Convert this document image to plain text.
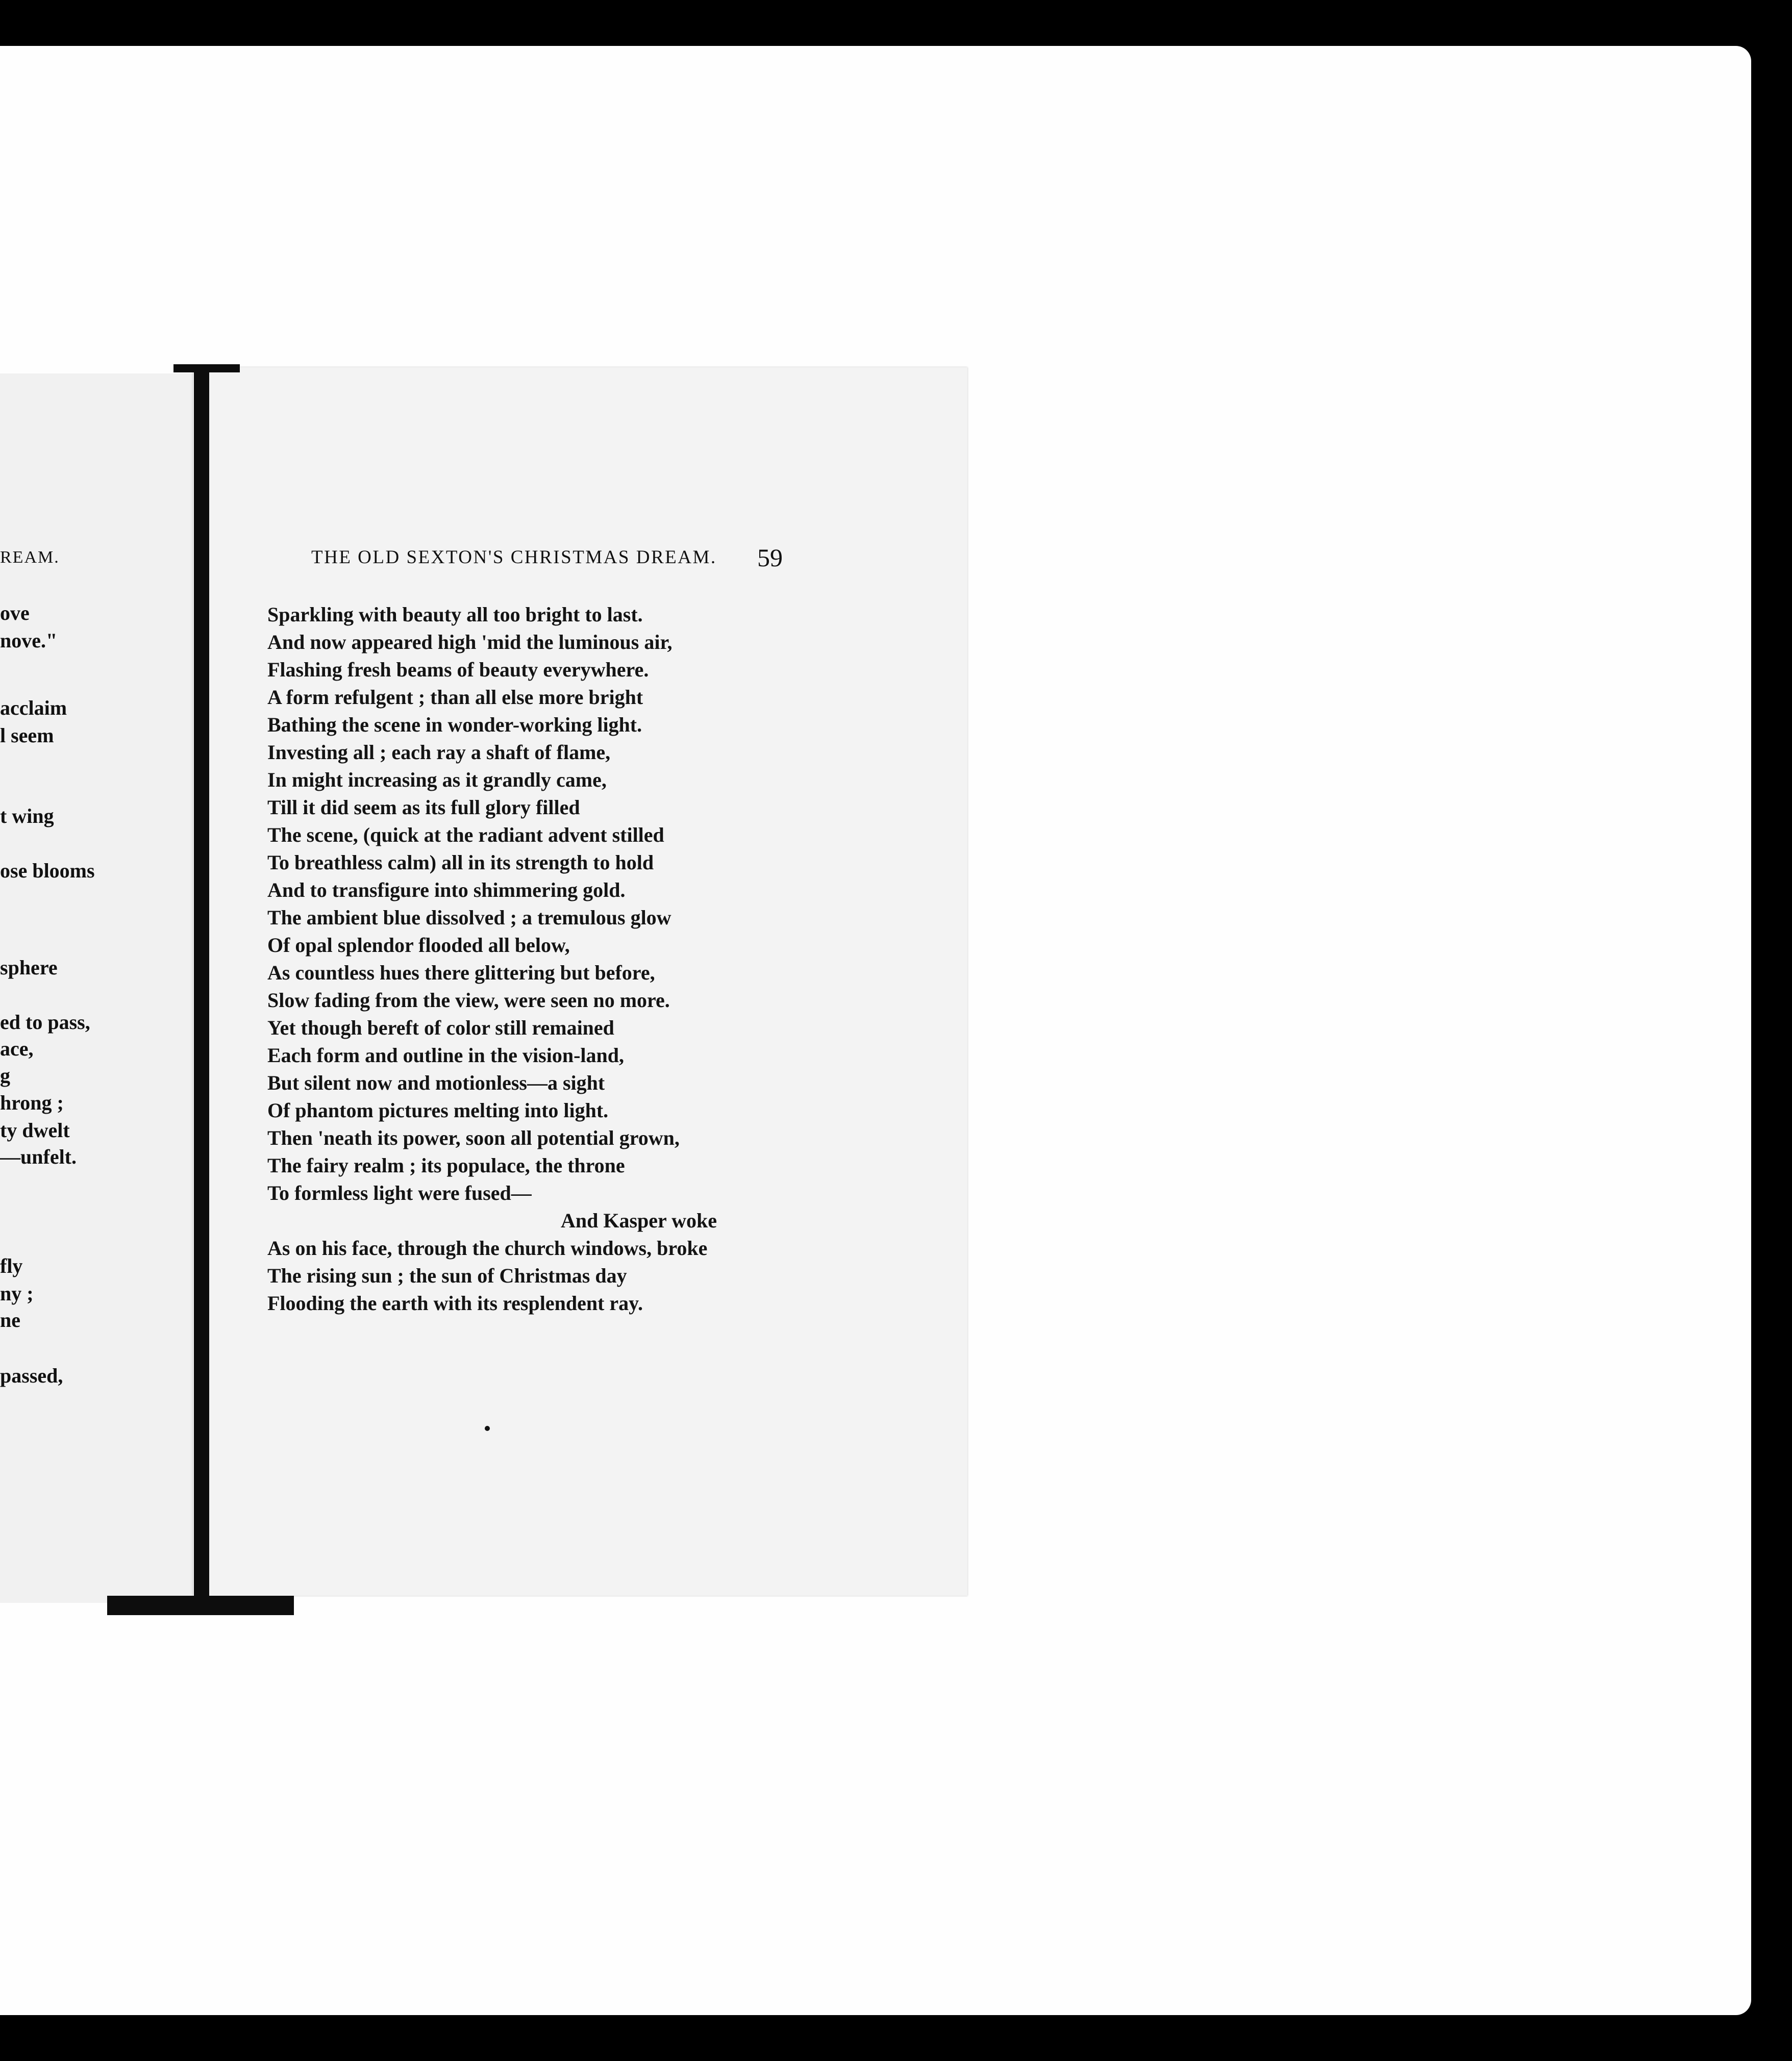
REAM.
ove
nove."
acclaim
l seem
t wing
ose blooms
sphere
ed to pass,
ace,
g
hrong ;
ty dwelt
—unfelt.
fly
ny ;
ne
passed,
THE OLD SEXTON'S CHRISTMAS DREAM.	59
Sparkling with beauty all too bright to last.
And now appeared high 'mid the luminous air,
Flashing fresh beams of beauty everywhere.
A form refulgent ; than all else more bright
Bathing the scene in wonder-working light.
Investing all ; each ray a shaft of flame,
In might increasing as it grandly came,
Till it did seem as its full glory filled
The scene, (quick at the radiant advent stilled
To breathless calm) all in its strength to hold
And to transfigure into shimmering gold.
The ambient blue dissolved ; a tremulous glow
Of opal splendor flooded all below,
As countless hues there glittering but before,
Slow fading from the view, were seen no more.
Yet though bereft of color still remained
Each form and outline in the vision-land,
But silent now and motionless—a sight
Of phantom pictures melting into light.
Then 'neath its power, soon all potential grown,
The fairy realm ; its populace, the throne
To formless light were fused—
And Kasper woke
As on his face, through the church windows, broke
The rising sun ; the sun of Christmas day
Flooding the earth with its resplendent ray.
